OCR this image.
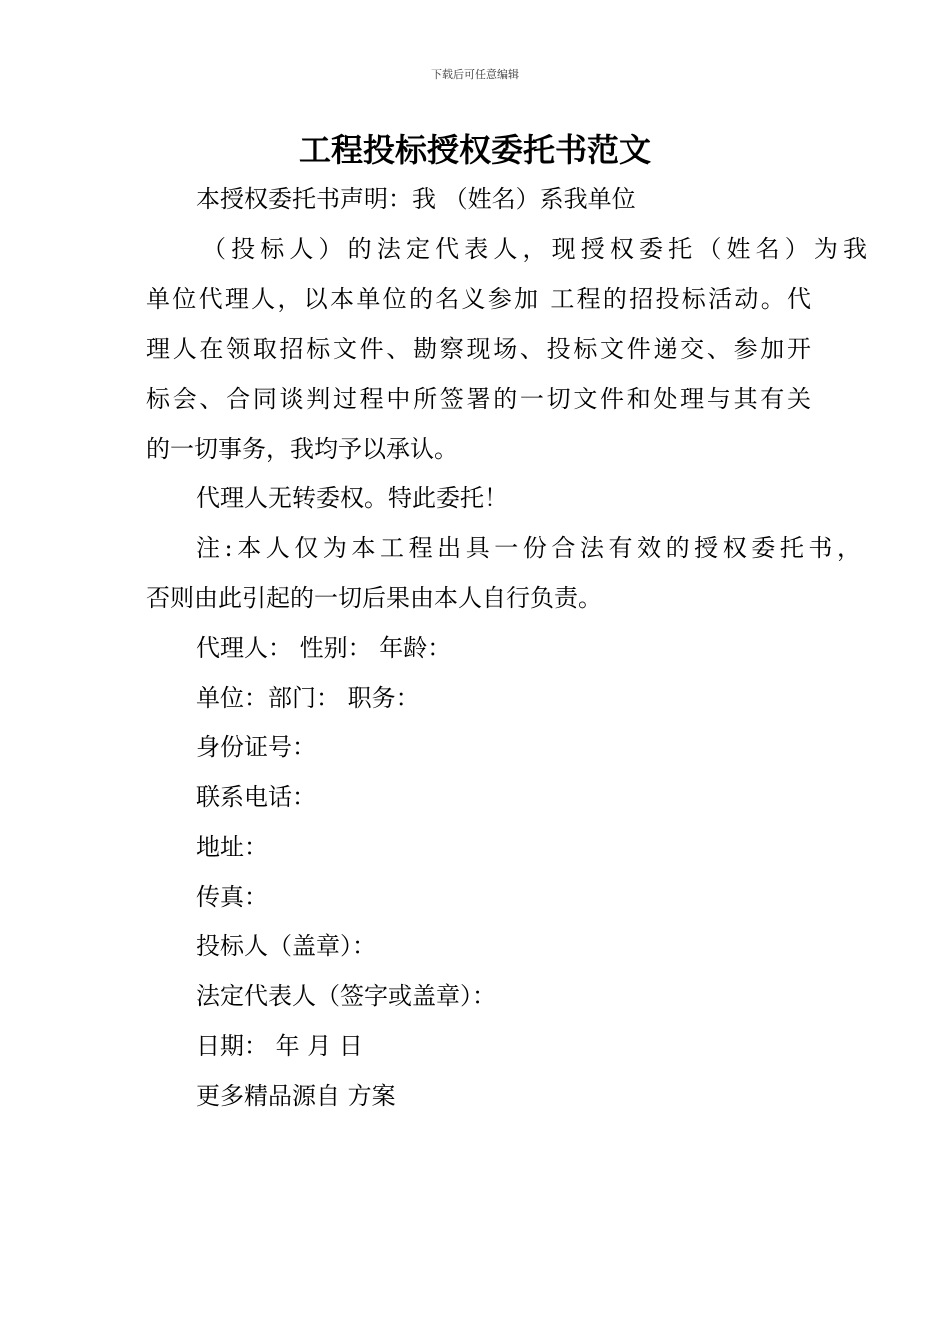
下载后可任意编辑
工程投标授权委托书范文
本授权委托书声明：我 （姓名）系我单位
（投标人）的法定代表人，现授权委托（姓名）为我
单位代理人，以本单位的名义参加 工程的招投标活动。代
理人在领取招标文件、勘察现场、投标文件递交、参加开
标会、合同谈判过程中所签署的一切文件和处理与其有关
的一切事务，我均予以承认。
代理人无转委权。特此委托！
注:本人仅为本工程出具一份合法有效的授权委托书，
否则由此引起的一切后果由本人自行负责。
代理人： 性别： 年龄：
单位：部门： 职务：
身份证号：
联系电话：
地址：
传真：
投标人（盖章）：
法定代表人（签字或盖章）：
日期： 年 月 日
更多精品源自 方案
